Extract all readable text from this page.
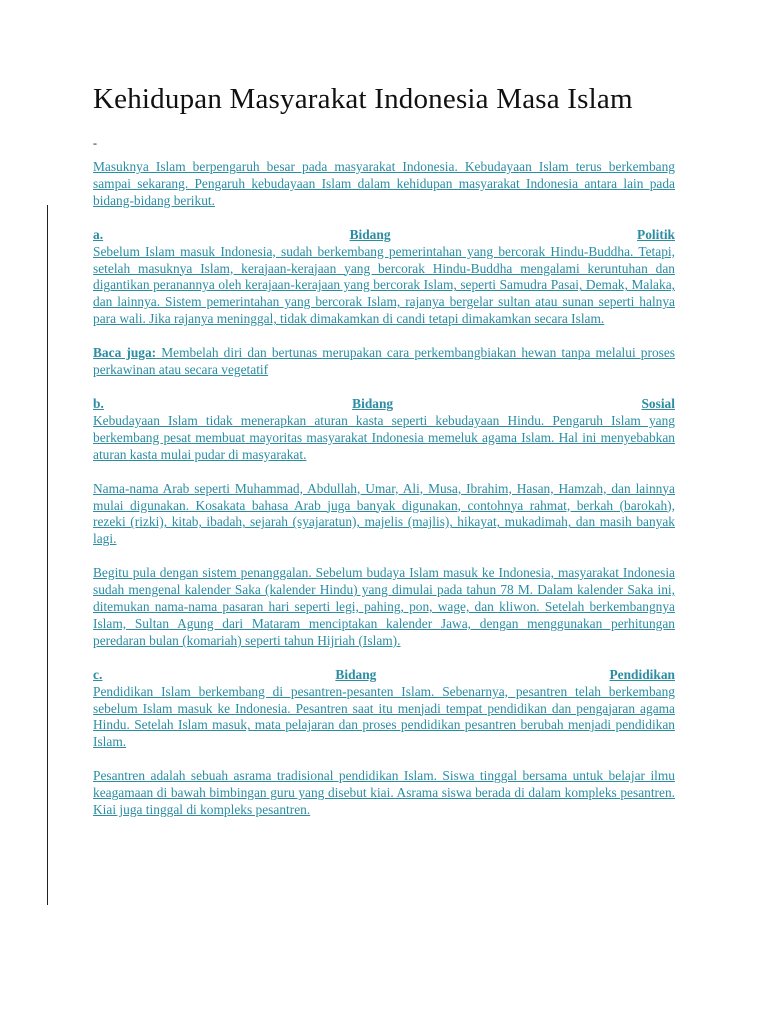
Kehidupan Masyarakat Indonesia Masa Islam
-

Masuknya Islam berpengaruh besar pada masyarakat Indonesia. Kebudayaan Islam terus berkembang sampai sekarang. Pengaruh kebudayaan Islam dalam kehidupan masyarakat Indonesia antara lain pada bidang-bidang berikut.

a.	Bidang	Politik

Sebelum Islam masuk Indonesia, sudah berkembang pemerintahan yang bercorak Hindu-Buddha. Tetapi, setelah masuknya Islam, kerajaan-kerajaan yang bercorak Hindu-Buddha mengalami keruntuhan dan digantikan peranannya oleh kerajaan-kerajaan yang bercorak Islam, seperti Samudra Pasai, Demak, Malaka, dan lainnya. Sistem pemerintahan yang bercorak Islam, rajanya bergelar sultan atau sunan seperti halnya para wali. Jika rajanya meninggal, tidak dimakamkan di candi tetapi dimakamkan secara Islam.

Baca juga: Membelah diri dan bertunas merupakan cara perkembangbiakan hewan tanpa melalui proses perkawinan atau secara vegetatif

b.	Bidang	Sosial

Kebudayaan Islam tidak menerapkan aturan kasta seperti kebudayaan Hindu. Pengaruh Islam yang berkembang pesat membuat mayoritas masyarakat Indonesia memeluk agama Islam. Hal ini menyebabkan aturan kasta mulai pudar di masyarakat.

Nama-nama Arab seperti Muhammad, Abdullah, Umar, Ali, Musa, Ibrahim, Hasan, Hamzah, dan lainnya mulai digunakan. Kosakata bahasa Arab juga banyak digunakan, contohnya rahmat, berkah (barokah), rezeki (rizki), kitab, ibadah, sejarah (syajaratun), majelis (majlis), hikayat, mukadimah, dan masih banyak lagi.

Begitu pula dengan sistem penanggalan. Sebelum budaya Islam masuk ke Indonesia, masyarakat Indonesia sudah mengenal kalender Saka (kalender Hindu) yang dimulai pada tahun 78 M. Dalam kalender Saka ini, ditemukan nama-nama pasaran hari seperti legi, pahing, pon, wage, dan kliwon. Setelah berkembangnya Islam, Sultan Agung dari Mataram menciptakan kalender Jawa, dengan menggunakan perhitungan peredaran bulan (komariah) seperti tahun Hijriah (Islam).

c.	Bidang	Pendidikan

Pendidikan Islam berkembang di pesantren-pesanten Islam. Sebenarnya, pesantren telah berkembang sebelum Islam masuk ke Indonesia. Pesantren saat itu menjadi tempat pendidikan dan pengajaran agama Hindu. Setelah Islam masuk, mata pelajaran dan proses pendidikan pesantren berubah menjadi pendidikan Islam.

Pesantren adalah sebuah asrama tradisional pendidikan Islam. Siswa tinggal bersama untuk belajar ilmu keagamaan di bawah bimbingan guru yang disebut kiai. Asrama siswa berada di dalam kompleks pesantren. Kiai juga tinggal di kompleks pesantren.
